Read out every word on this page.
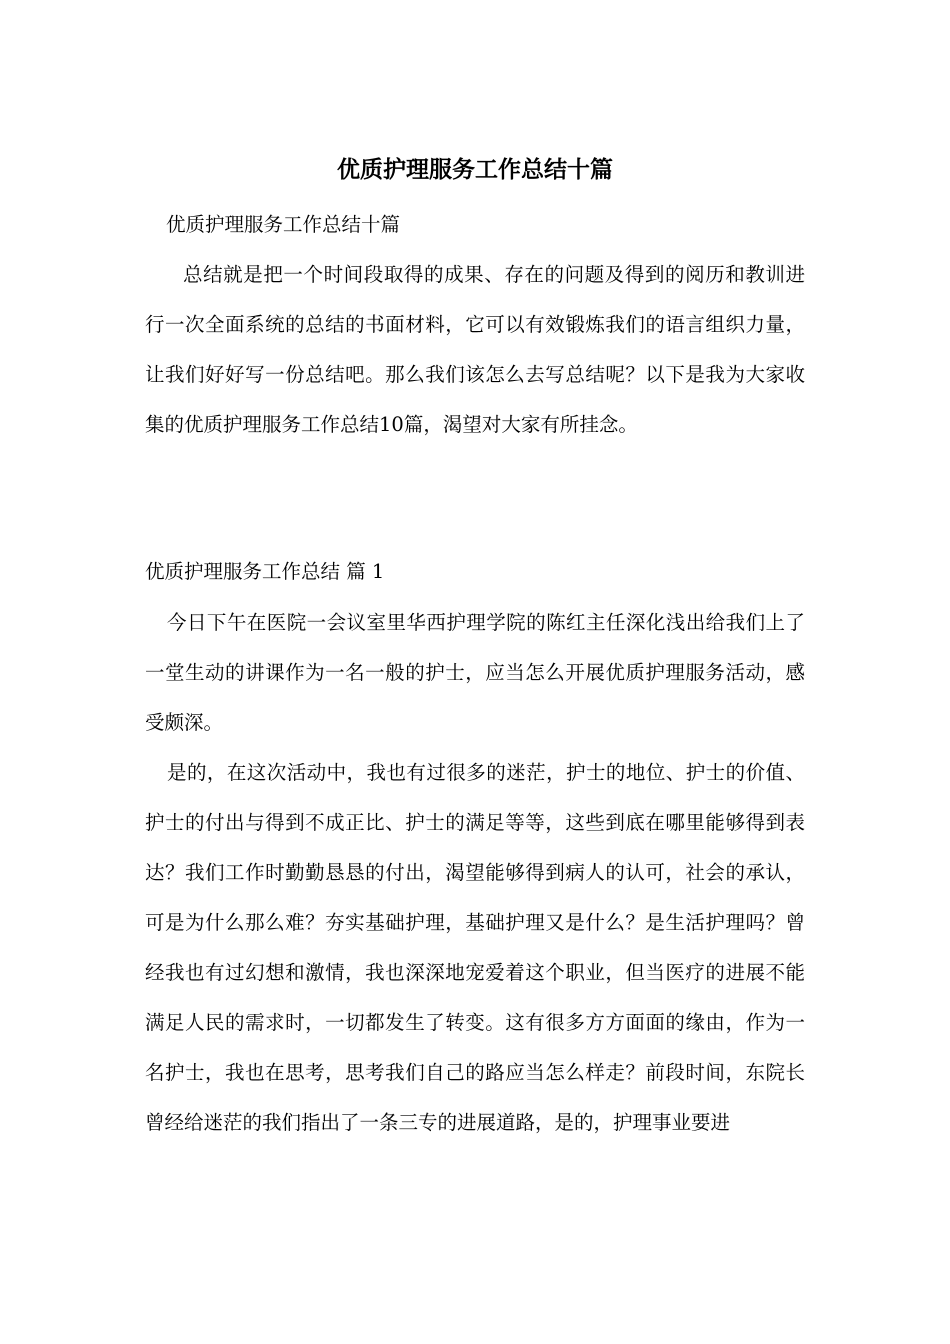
优质护理服务工作总结十篇
优质护理服务工作总结十篇

总结就是把一个时间段取得的成果、存在的问题及得到的阅历和教训进行一次全面系统的总结的书面材料，它可以有效锻炼我们的语言组织力量，让我们好好写一份总结吧。那么我们该怎么去写总结呢？以下是我为大家收集的优质护理服务工作总结10篇，渴望对大家有所挂念。

优质护理服务工作总结 篇 1

今日下午在医院一会议室里华西护理学院的陈红主任深化浅出给我们上了一堂生动的讲课作为一名一般的护士，应当怎么开展优质护理服务活动，感受颇深。

是的，在这次活动中，我也有过很多的迷茫，护士的地位、护士的价值、护士的付出与得到不成正比、护士的满足等等，这些到底在哪里能够得到表达？我们工作时勤勤恳恳的付出，渴望能够得到病人的认可，社会的承认，可是为什么那么难？夯实基础护理，基础护理又是什么？是生活护理吗？曾经我也有过幻想和激情，我也深深地宠爱着这个职业，但当医疗的进展不能满足人民的需求时，一切都发生了转变。这有很多方方面面的缘由，作为一名护士，我也在思考，思考我们自己的路应当怎么样走？前段时间，东院长曾经给迷茫的我们指出了一条三专的进展道路，是的，护理事业要进
